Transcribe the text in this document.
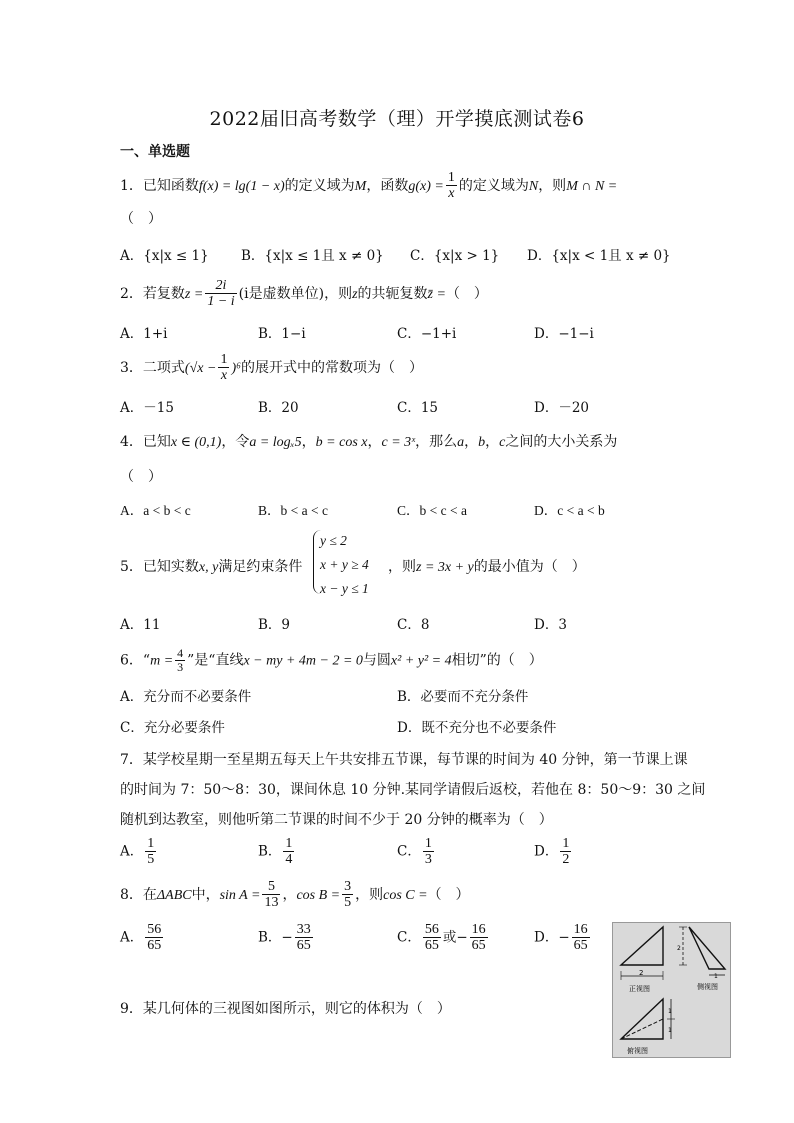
2022届旧高考数学（理）开学摸底测试卷6
一、单选题
1．已知函数f(x) = lg(1 − x)的定义域为M，函数$g(x) = \frac{1}{x}$ 的定义域为N，则M ∩ N =
（　）
A．{x|x ≤ 1} B．{x|x ≤ 1且 x ≠ 0} C．{x|x > 1} D．{x|x < 1且 x ≠ 0}
2．若复数$z = \frac{2i}{1 - i} (i$是虚数单位)，则z的共轭复数z̄ =（　）
A．1+i	B．1−i	C．−1+i	D．−1−i
3．二项式$(√x - \frac{1}{x} )^6$的展开式中的常数项为（　）
A．－15	B．20	C．15	D．－20
4．已知x ∈ (0,1)，令a = logₓ5，b = cos x，c = 3ˣ，那么a，b，c之间的大小关系为
（　）
A．a < b < c	B．b < a < c	C．b < c < a	D．c < a < b
5．已知实数x, y满足约束条件
y ≤ 2
x + y ≥ 4
x − y ≤ 1
，则z = 3x + y的最小值为（　）
A．11	B．9	C．8	D．3
6．“$m = \frac{4}{3}$ ”是“直线x − my + 4m − 2 = 0与圆x² + y² = 4相切”的（　）
A．充分而不必要条件	B．必要而不充分条件
C．充分必要条件	D．既不充分也不必要条件
7．某学校星期一至星期五每天上午共安排五节课，每节课的时间为 40 分钟，第一节课上课
的时间为 7：50～8：30，课间休息 10 分钟.某同学请假后返校，若他在 8：50～9：30 之间
随机到达教室，则他听第二节课的时间不少于 20 分钟的概率为（　）
A． $\frac{1}{5}$	B． $\frac{1}{4}$	C． $\frac{1}{3}$	D． $\frac{1}{2}$
8．在ΔABC中，$\sin A = \frac{5}{13}$ ，$\cos B = \frac{3}{5}$ ，则cos C =（　）
A． $\frac{56}{65}$	B．− $\frac{33}{65}$	C． $\frac{56}{65}$ 或− $\frac{16}{65}$	D．− $\frac{16}{65}$
9．某几何体的三视图如图所示，则它的体积为（　）
2
正视图
2
1
侧视图
1
1
俯视图
